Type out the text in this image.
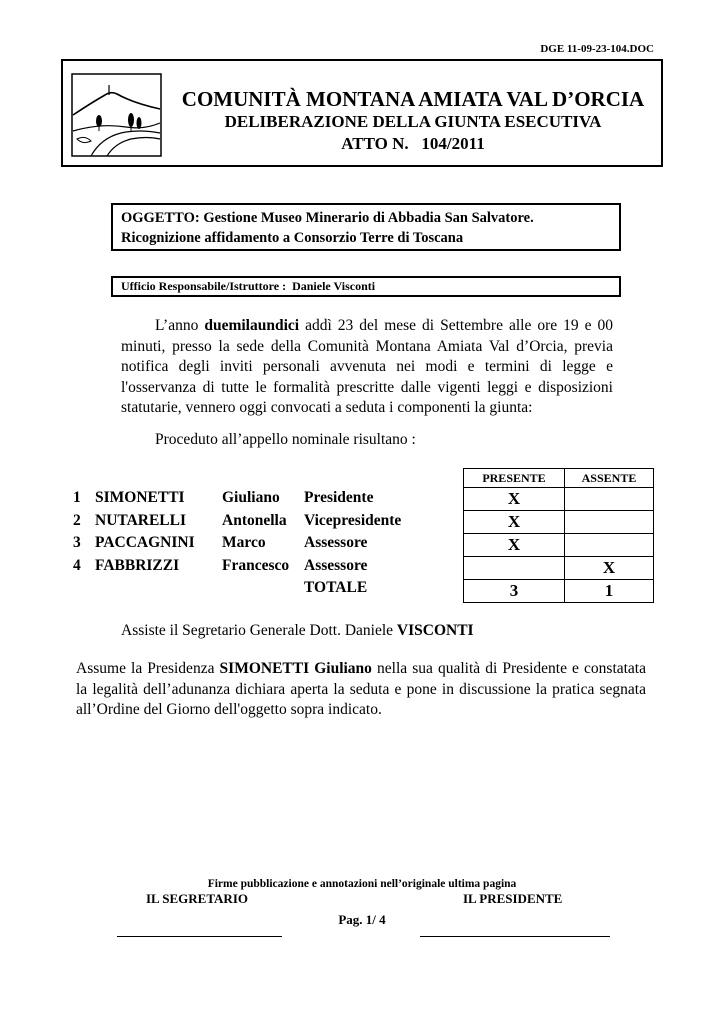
DGE 11-09-23-104.DOC
COMUNITÀ MONTANA AMIATA VAL D’ORCIA
DELIBERAZIONE DELLA GIUNTA ESECUTIVA
ATTO N.   104/2011
OGGETTO: Gestione Museo Minerario di Abbadia San Salvatore.
Ricognizione affidamento a Consorzio Terre di Toscana
Ufficio Responsabile/Istruttore :  Daniele Visconti
L’anno duemilaundici addì 23 del mese di Settembre alle ore 19 e 00 minuti, presso la sede della Comunità Montana Amiata Val d’Orcia, previa notifica degli inviti personali avvenuta nei modi e termini di legge e l'osservanza di tutte le formalità prescritte dalle vigenti leggi e disposizioni statutarie, vennero oggi convocati a seduta i componenti la giunta:
Proceduto all’appello nominale risultano :
1 SIMONETTI Giuliano Presidente
2 NUTARELLI Antonella Vicepresidente
3 PACCAGNINI Marco Assessore
4 FABBRIZZI	Francesco Assessore
TOTALE
PRESENTE	ASSENTE
X	
X	
X	
	X
3	1
Assiste il Segretario Generale Dott. Daniele VISCONTI
Assume la Presidenza SIMONETTI Giuliano nella sua qualità di Presidente e constatata la legalità dell’adunanza dichiara aperta la seduta e pone in discussione la pratica segnata all’Ordine del Giorno dell'oggetto sopra indicato.
Firme pubblicazione e annotazioni nell’originale ultima pagina
IL SEGRETARIO	IL PRESIDENTE
Pag. 1/ 4
